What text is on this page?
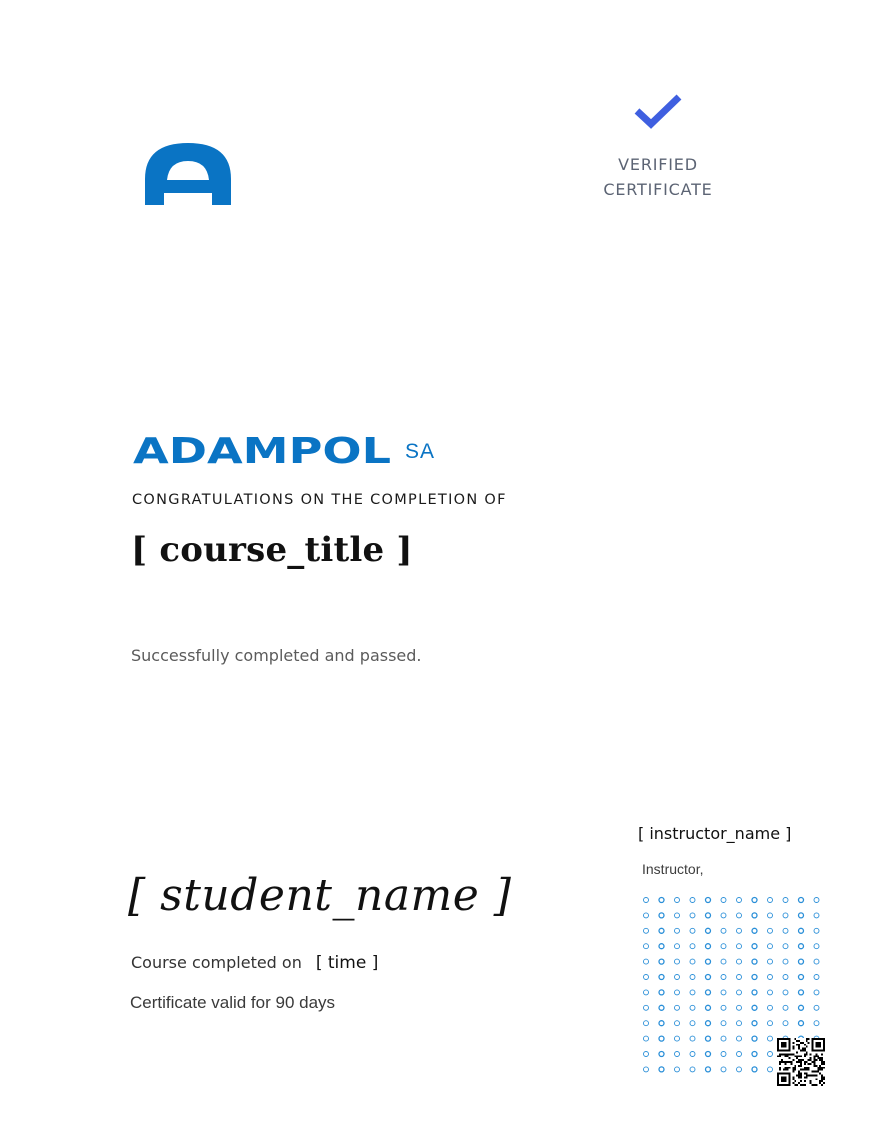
VERIFIED
CERTIFICATE
ADAMPOL SA
CONGRATULATIONS ON THE COMPLETION OF
[ course_title ]
Successfully completed and passed.
[ student_name ]
Course completed on [ time ]
Certificate valid for 90 days
[ instructor_name ]
Instructor,
